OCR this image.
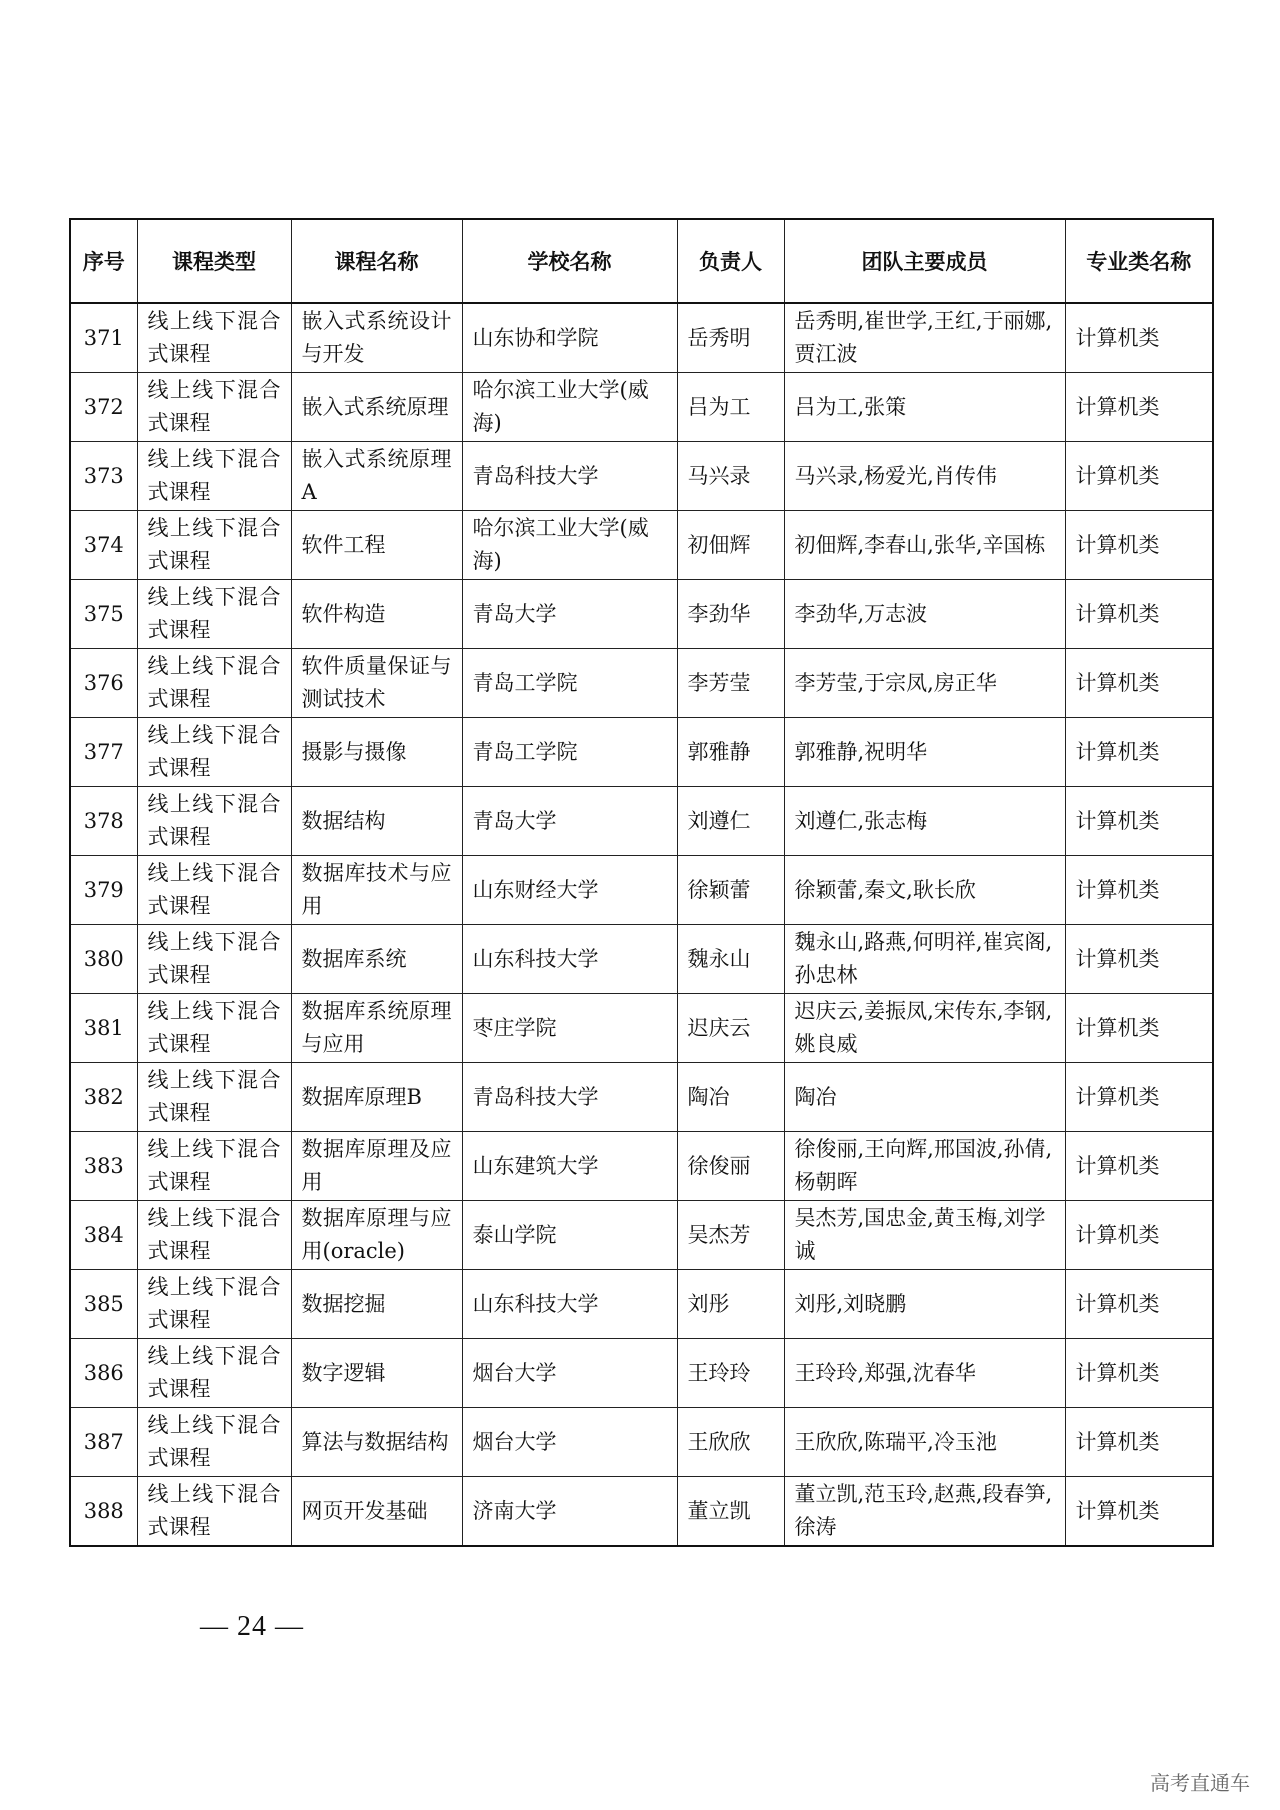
序号	课程类型	课程名称	学校名称	负责人	团队主要成员	专业类名称
371	线上线下混合式课程	嵌入式系统设计与开发	山东协和学院	岳秀明	岳秀明,崔世学,王红,于丽娜,贾江波	计算机类
372	线上线下混合式课程	嵌入式系统原理	哈尔滨工业大学(威海)	吕为工	吕为工,张策	计算机类
373	线上线下混合式课程	嵌入式系统原理A	青岛科技大学	马兴录	马兴录,杨爱光,肖传伟	计算机类
374	线上线下混合式课程	软件工程	哈尔滨工业大学(威海)	初佃辉	初佃辉,李春山,张华,辛国栋	计算机类
375	线上线下混合式课程	软件构造	青岛大学	李劲华	李劲华,万志波	计算机类
376	线上线下混合式课程	软件质量保证与测试技术	青岛工学院	李芳莹	李芳莹,于宗凤,房正华	计算机类
377	线上线下混合式课程	摄影与摄像	青岛工学院	郭雅静	郭雅静,祝明华	计算机类
378	线上线下混合式课程	数据结构	青岛大学	刘遵仁	刘遵仁,张志梅	计算机类
379	线上线下混合式课程	数据库技术与应用	山东财经大学	徐颖蕾	徐颖蕾,秦文,耿长欣	计算机类
380	线上线下混合式课程	数据库系统	山东科技大学	魏永山	魏永山,路燕,何明祥,崔宾阁,孙忠林	计算机类
381	线上线下混合式课程	数据库系统原理与应用	枣庄学院	迟庆云	迟庆云,姜振凤,宋传东,李钢,姚良威	计算机类
382	线上线下混合式课程	数据库原理B	青岛科技大学	陶冶	陶冶	计算机类
383	线上线下混合式课程	数据库原理及应用	山东建筑大学	徐俊丽	徐俊丽,王向辉,邢国波,孙倩,杨朝晖	计算机类
384	线上线下混合式课程	数据库原理与应用(oracle)	泰山学院	吴杰芳	吴杰芳,国忠金,黄玉梅,刘学诚	计算机类
385	线上线下混合式课程	数据挖掘	山东科技大学	刘彤	刘彤,刘晓鹏	计算机类
386	线上线下混合式课程	数字逻辑	烟台大学	王玲玲	王玲玲,郑强,沈春华	计算机类
387	线上线下混合式课程	算法与数据结构	烟台大学	王欣欣	王欣欣,陈瑞平,冷玉池	计算机类
388	线上线下混合式课程	网页开发基础	济南大学	董立凯	董立凯,范玉玲,赵燕,段春笋,徐涛	计算机类
— 24 —
高考直通车
